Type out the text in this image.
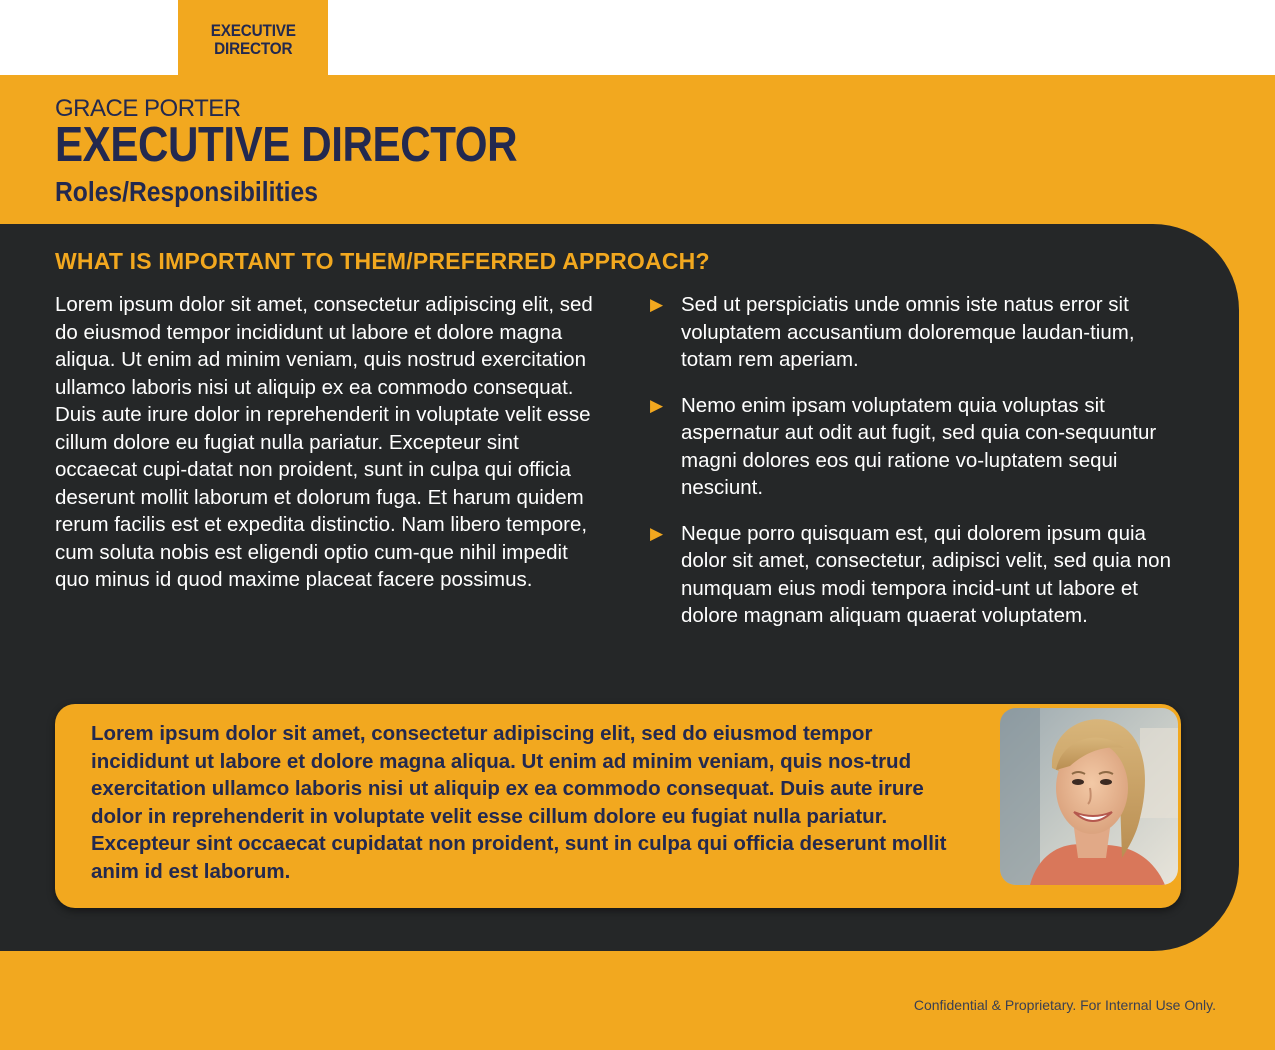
EXECUTIVE
DIRECTOR
GRACE PORTER
EXECUTIVE DIRECTOR
Roles/Responsibilities
WHAT IS IMPORTANT TO THEM/PREFERRED APPROACH?

Lorem ipsum dolor sit amet, consectetur adipiscing elit, sed do eiusmod tempor incididunt ut labore et dolore magna aliqua. Ut enim ad minim veniam, quis nostrud exercitation ullamco laboris nisi ut aliquip ex ea commodo consequat. Duis aute irure dolor in reprehenderit in voluptate velit esse cillum dolore eu fugiat nulla pariatur. Excepteur sint occaecat cupi-datat non proident, sunt in culpa qui officia deserunt mollit laborum et dolorum fuga. Et harum quidem rerum facilis est et expedita distinctio. Nam libero tempore, cum soluta nobis est eligendi optio cum-que nihil impedit quo minus id quod maxime placeat facere possimus.

▶ Sed ut perspiciatis unde omnis iste natus error sit voluptatem accusantium doloremque laudan-tium, totam rem aperiam.
▶ Nemo enim ipsam voluptatem quia voluptas sit aspernatur aut odit aut fugit, sed quia con-sequuntur magni dolores eos qui ratione vo-luptatem sequi nesciunt.
▶ Neque porro quisquam est, qui dolorem ipsum quia dolor sit amet, consectetur, adipisci velit, sed quia non numquam eius modi tempora incid-unt ut labore et dolore magnam aliquam quaerat voluptatem.

Lorem ipsum dolor sit amet, consectetur adipiscing elit, sed do eiusmod tempor incididunt ut labore et dolore magna aliqua. Ut enim ad minim veniam, quis nos-trud exercitation ullamco laboris nisi ut aliquip ex ea commodo consequat. Duis aute irure dolor in reprehenderit in voluptate velit esse cillum dolore eu fugiat nulla pariatur. Excepteur sint occaecat cupidatat non proident, sunt in culpa qui officia deserunt mollit anim id est laborum.

Confidential & Proprietary. For Internal Use Only.
